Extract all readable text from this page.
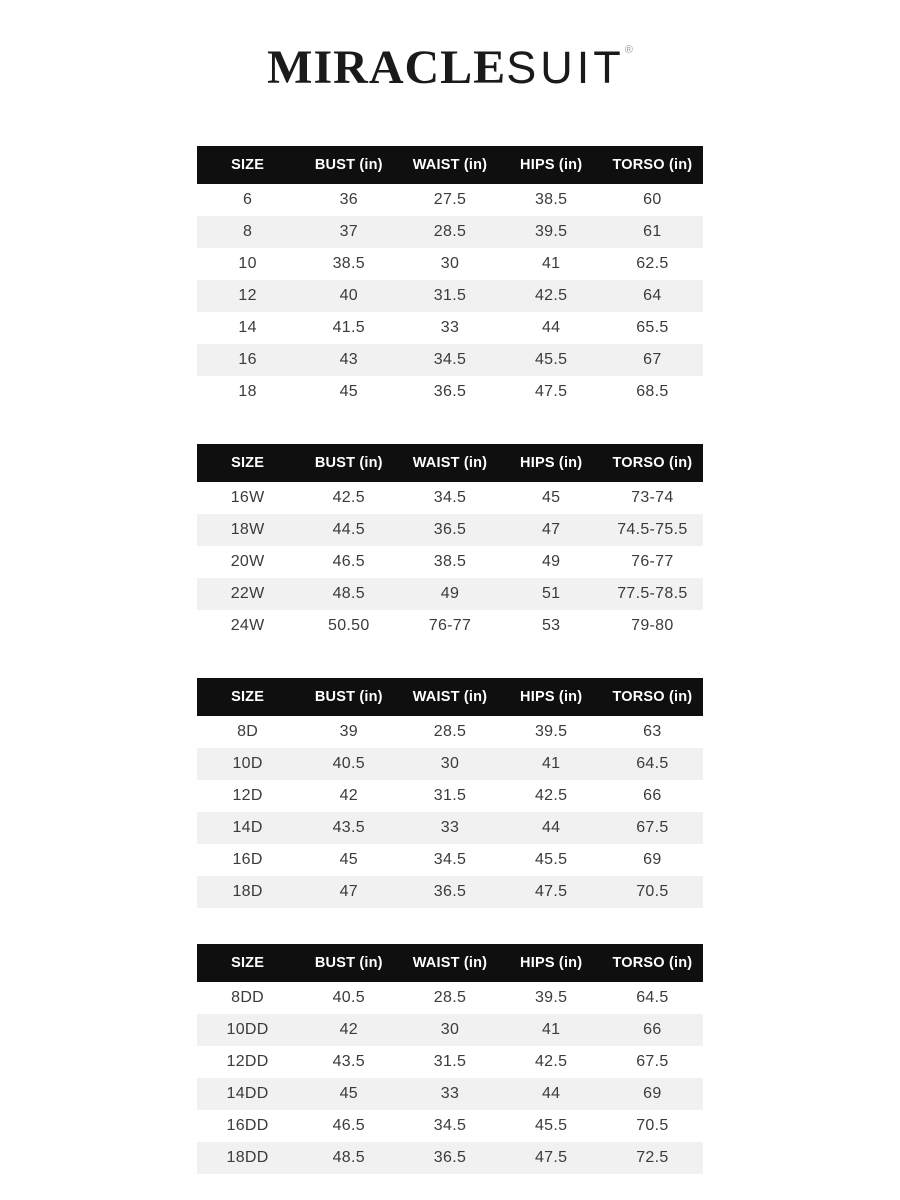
MIRACLESUIT®
SIZE	BUST (in)	WAIST (in)	HIPS (in)	TORSO (in)
6	36	27.5	38.5	60
8	37	28.5	39.5	61
10	38.5	30	41	62.5
12	40	31.5	42.5	64
14	41.5	33	44	65.5
16	43	34.5	45.5	67
18	45	36.5	47.5	68.5
SIZE	BUST (in)	WAIST (in)	HIPS (in)	TORSO (in)
16W	42.5	34.5	45	73-74
18W	44.5	36.5	47	74.5-75.5
20W	46.5	38.5	49	76-77
22W	48.5	49	51	77.5-78.5
24W	50.50	76-77	53	79-80
SIZE	BUST (in)	WAIST (in)	HIPS (in)	TORSO (in)
8D	39	28.5	39.5	63
10D	40.5	30	41	64.5
12D	42	31.5	42.5	66
14D	43.5	33	44	67.5
16D	45	34.5	45.5	69
18D	47	36.5	47.5	70.5
SIZE	BUST (in)	WAIST (in)	HIPS (in)	TORSO (in)
8DD	40.5	28.5	39.5	64.5
10DD	42	30	41	66
12DD	43.5	31.5	42.5	67.5
14DD	45	33	44	69
16DD	46.5	34.5	45.5	70.5
18DD	48.5	36.5	47.5	72.5
